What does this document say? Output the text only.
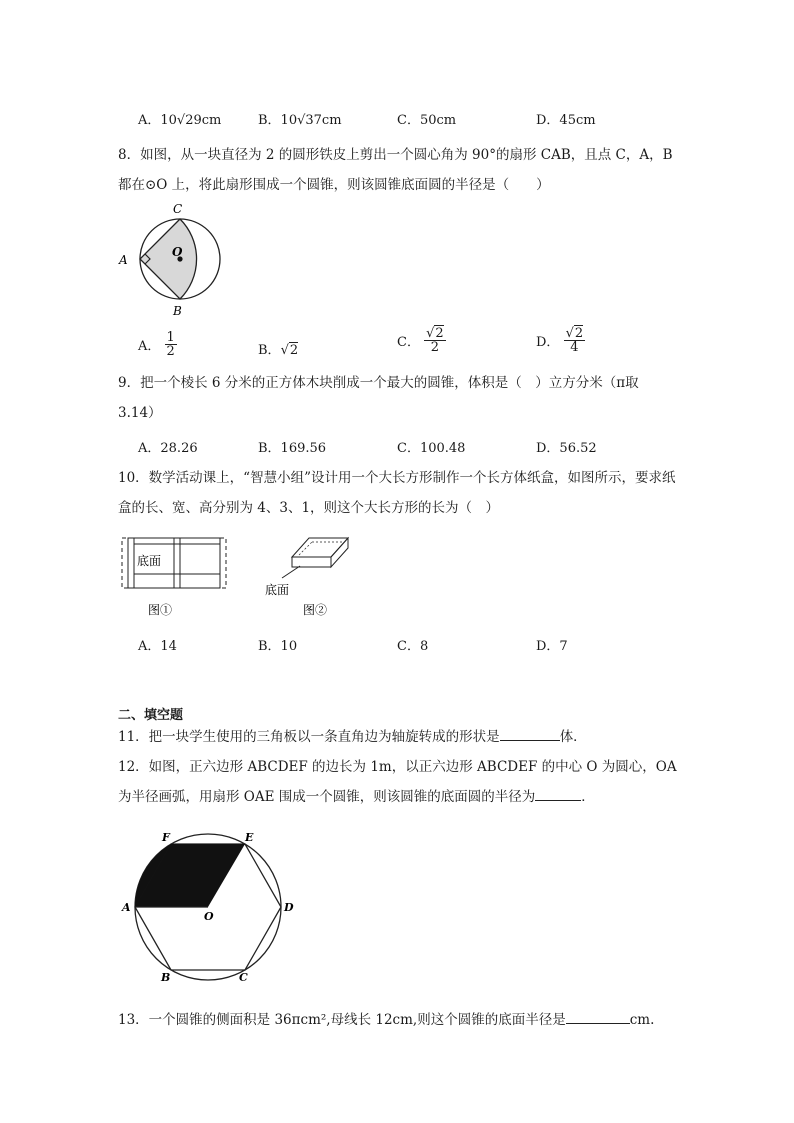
A．10√29cm	B．10√37cm	C．50cm	D．45cm
8．如图，从一块直径为 2 的圆形铁皮上剪出一个圆心角为 90°的扇形 CAB，且点 C，A，B 都在⊙O 上，将此扇形围成一个圆锥，则该圆锥底面圆的半径是（　　）
C
A
B
O
A． $\frac{1}{2}$	B．√2
C． $\frac{√2}{2}$	D． $\frac{√2}{4}$
9．把一个棱长 6 分米的正方体木块削成一个最大的圆锥，体积是（　）立方分米（π取 3.14）
A．28.26	B．169.56	C．100.48	D．56.52
10．数学活动课上，“智慧小组”设计用一个大长方形制作一个长方体纸盒，如图所示，要求纸盒的长、宽、高分别为 4、3、1，则这个大长方形的长为（　）
底面
图①
底面
图②
A．14	B．10	C．8	D．7
二、填空题
11．把一块学生使用的三角板以一条直角边为轴旋转成的形状是	体．
12．如图，正六边形 ABCDEF 的边长为 1m，以正六边形 ABCDEF 的中心 O 为圆心，OA 为半径画弧，用扇形 OAE 围成一个圆锥，则该圆锥的底面圆的半径为	．
F	E
A	D
O
B	C
13．一个圆锥的侧面积是 36πcm²,母线长 12cm,则这个圆锥的底面半径是	cm.
